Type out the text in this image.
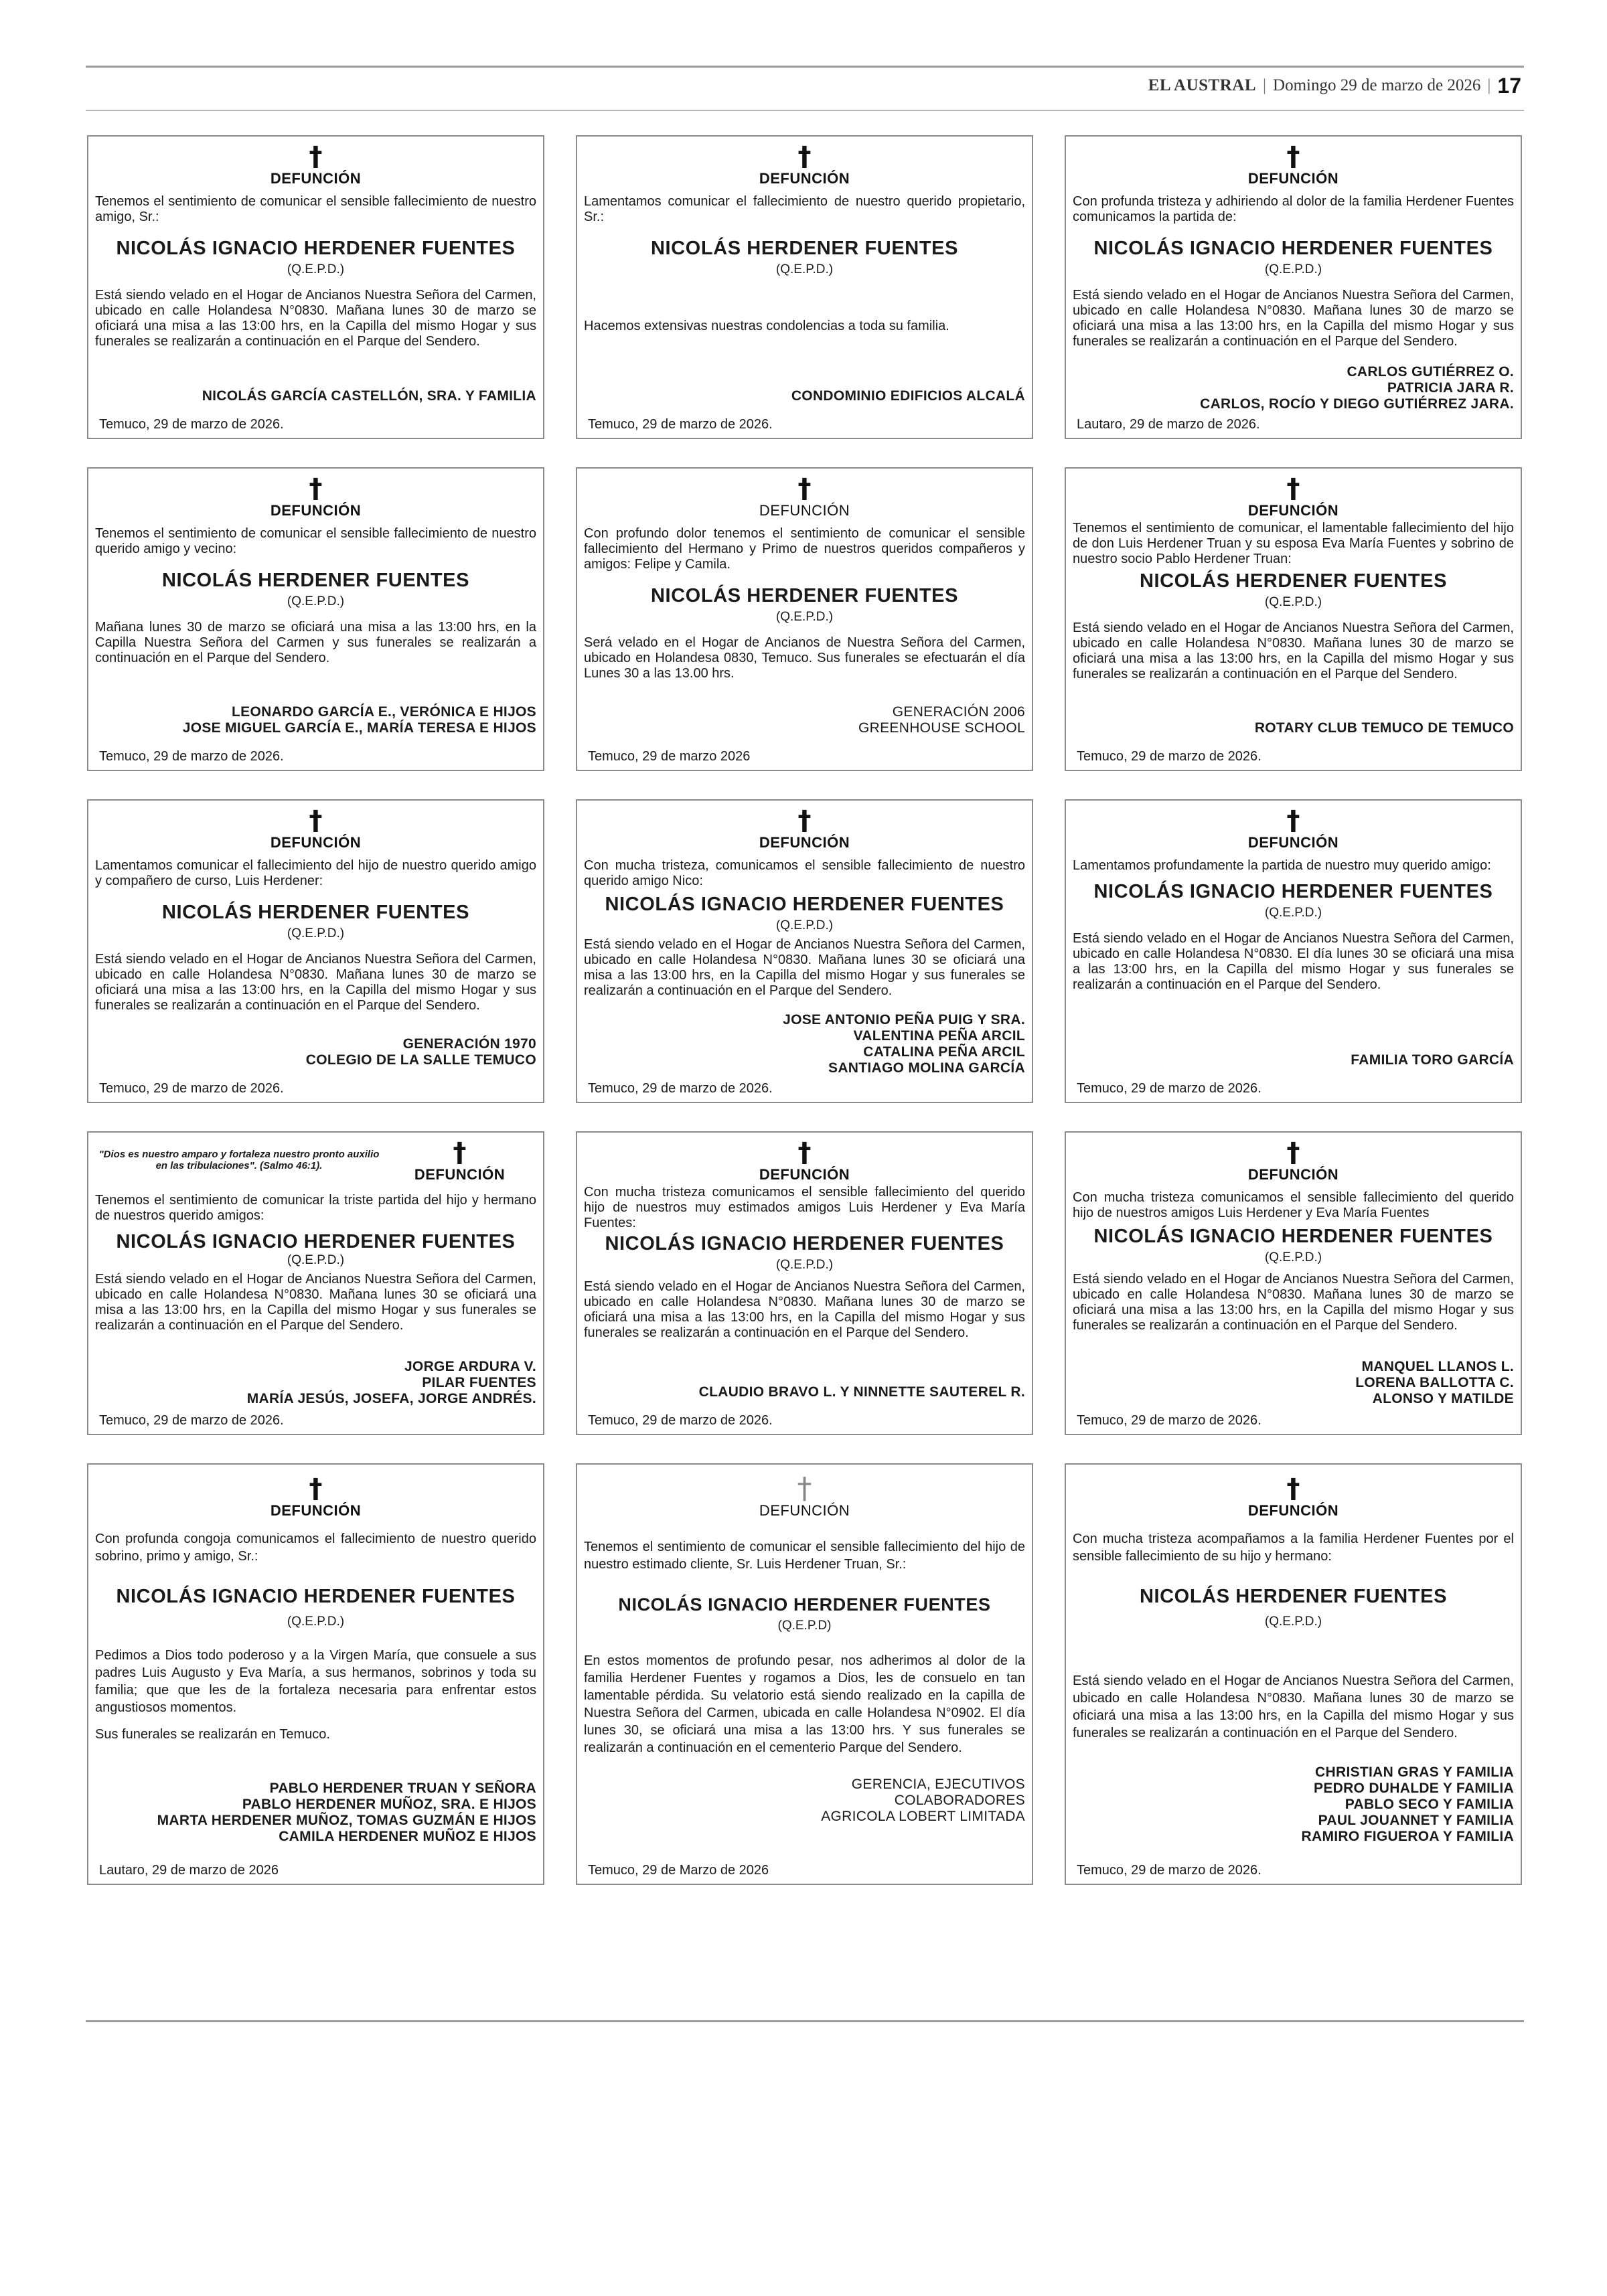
EL AUSTRAL | Domingo 29 de marzo de 2026 | 17
†
DEFUNCIÓN
Tenemos el sentimiento de comunicar el sensible fallecimiento de nuestro amigo, Sr.:
NICOLÁS IGNACIO HERDENER FUENTES
(Q.E.P.D.)
Está siendo velado en el Hogar de Ancianos Nuestra Señora del Carmen, ubicado en calle Holandesa N°0830. Mañana lunes 30 de marzo se oficiará una misa a las 13:00 hrs, en la Capilla del mismo Hogar y sus funerales se realizarán a continuación en el Parque del Sendero.
NICOLÁS GARCÍA CASTELLÓN, SRA. Y FAMILIA
Temuco, 29 de marzo de 2026.
†
DEFUNCIÓN
Lamentamos comunicar el fallecimiento de nuestro querido propietario, Sr.:
NICOLÁS HERDENER FUENTES
(Q.E.P.D.)
Hacemos extensivas nuestras condolencias a toda su familia.
CONDOMINIO EDIFICIOS ALCALÁ
Temuco, 29 de marzo de 2026.
†
DEFUNCIÓN
Con profunda tristeza y adhiriendo al dolor de la familia Herdener Fuentes comunicamos la partida de:
NICOLÁS IGNACIO HERDENER FUENTES
(Q.E.P.D.)
Está siendo velado en el Hogar de Ancianos Nuestra Señora del Carmen, ubicado en calle Holandesa N°0830. Mañana lunes 30 de marzo se oficiará una misa a las 13:00 hrs, en la Capilla del mismo Hogar y sus funerales se realizarán a continuación en el Parque del Sendero.
CARLOS GUTIÉRREZ O.
PATRICIA JARA R.
CARLOS, ROCÍO Y DIEGO GUTIÉRREZ JARA.
Lautaro, 29 de marzo de 2026.
†
DEFUNCIÓN
Tenemos el sentimiento de comunicar el sensible fallecimiento de nuestro querido amigo y vecino:
NICOLÁS HERDENER FUENTES
(Q.E.P.D.)
Mañana lunes 30 de marzo se oficiará una misa a las 13:00 hrs, en la Capilla Nuestra Señora del Carmen y sus funerales se realizarán a continuación en el Parque del Sendero.
LEONARDO GARCÍA E., VERÓNICA E HIJOS
JOSE MIGUEL GARCÍA E., MARÍA TERESA E HIJOS
Temuco, 29 de marzo de 2026.
†
DEFUNCIÓN
Con profundo dolor tenemos el sentimiento de comunicar el sensible fallecimiento del Hermano y Primo de nuestros queridos compañeros y amigos: Felipe y Camila.
NICOLÁS HERDENER FUENTES
(Q.E.P.D.)
Será velado en el Hogar de Ancianos de Nuestra Señora del Carmen, ubicado en Holandesa 0830, Temuco. Sus funerales se efectuarán el día Lunes 30 a las 13.00 hrs.
GENERACIÓN 2006
GREENHOUSE SCHOOL
Temuco, 29 de marzo 2026
†
DEFUNCIÓN
Tenemos el sentimiento de comunicar, el lamentable fallecimiento del hijo de don Luis Herdener Truan y su esposa Eva María Fuentes y sobrino de nuestro socio Pablo Herdener Truan:
NICOLÁS HERDENER FUENTES
(Q.E.P.D.)
Está siendo velado en el Hogar de Ancianos Nuestra Señora del Carmen, ubicado en calle Holandesa N°0830. Mañana lunes 30 de marzo se oficiará una misa a las 13:00 hrs, en la Capilla del mismo Hogar y sus funerales se realizarán a continuación en el Parque del Sendero.
ROTARY CLUB TEMUCO DE TEMUCO
Temuco, 29 de marzo de 2026.
†
DEFUNCIÓN
Lamentamos comunicar el fallecimiento del hijo de nuestro querido amigo y compañero de curso, Luis Herdener:
NICOLÁS HERDENER FUENTES
(Q.E.P.D.)
Está siendo velado en el Hogar de Ancianos Nuestra Señora del Carmen, ubicado en calle Holandesa N°0830. Mañana lunes 30 de marzo se oficiará una misa a las 13:00 hrs, en la Capilla del mismo Hogar y sus funerales se realizarán a continuación en el Parque del Sendero.
GENERACIÓN 1970
COLEGIO DE LA SALLE TEMUCO
Temuco, 29 de marzo de 2026.
†
DEFUNCIÓN
Con mucha tristeza, comunicamos el sensible fallecimiento de nuestro querido amigo Nico:
NICOLÁS IGNACIO HERDENER FUENTES
(Q.E.P.D.)
Está siendo velado en el Hogar de Ancianos Nuestra Señora del Carmen, ubicado en calle Holandesa N°0830. Mañana lunes 30 se oficiará una misa a las 13:00 hrs, en la Capilla del mismo Hogar y sus funerales se realizarán a continuación en el Parque del Sendero.
JOSE ANTONIO PEÑA PUIG Y SRA.
VALENTINA PEÑA ARCIL
CATALINA PEÑA ARCIL
SANTIAGO MOLINA GARCÍA
Temuco, 29 de marzo de 2026.
†
DEFUNCIÓN
Lamentamos profundamente la partida de nuestro muy querido amigo:
NICOLÁS IGNACIO HERDENER FUENTES
(Q.E.P.D.)
Está siendo velado en el Hogar de Ancianos Nuestra Señora del Carmen, ubicado en calle Holandesa N°0830. El día lunes 30 se oficiará una misa a las 13:00 hrs, en la Capilla del mismo Hogar y sus funerales se realizarán a continuación en el Parque del Sendero.
FAMILIA TORO GARCÍA
Temuco, 29 de marzo de 2026.
"Dios es nuestro amparo y fortaleza nuestro pronto auxilio en las tribulaciones". (Salmo 46:1).	†
DEFUNCIÓN
Tenemos el sentimiento de comunicar la triste partida del hijo y hermano de nuestros querido amigos:
NICOLÁS IGNACIO HERDENER FUENTES
(Q.E.P.D.)
Está siendo velado en el Hogar de Ancianos Nuestra Señora del Carmen, ubicado en calle Holandesa N°0830. Mañana lunes 30 se oficiará una misa a las 13:00 hrs, en la Capilla del mismo Hogar y sus funerales se realizarán a continuación en el Parque del Sendero.
JORGE ARDURA V.
PILAR FUENTES
MARÍA JESÚS, JOSEFA, JORGE ANDRÉS.
Temuco, 29 de marzo de 2026.
†
DEFUNCIÓN
Con mucha tristeza comunicamos el sensible fallecimiento del querido hijo de nuestros muy estimados amigos Luis Herdener y Eva María Fuentes:
NICOLÁS IGNACIO HERDENER FUENTES
(Q.E.P.D.)
Está siendo velado en el Hogar de Ancianos Nuestra Señora del Carmen, ubicado en calle Holandesa N°0830. Mañana lunes 30 de marzo se oficiará una misa a las 13:00 hrs, en la Capilla del mismo Hogar y sus funerales se realizarán a continuación en el Parque del Sendero.
CLAUDIO BRAVO L. Y NINNETTE SAUTEREL R.
Temuco, 29 de marzo de 2026.
†
DEFUNCIÓN
Con mucha tristeza comunicamos el sensible fallecimiento del querido hijo de nuestros amigos Luis Herdener y Eva María Fuentes
NICOLÁS IGNACIO HERDENER FUENTES
(Q.E.P.D.)
Está siendo velado en el Hogar de Ancianos Nuestra Señora del Carmen, ubicado en calle Holandesa N°0830. Mañana lunes 30 de marzo se oficiará una misa a las 13:00 hrs, en la Capilla del mismo Hogar y sus funerales se realizarán a continuación en el Parque del Sendero.
MANQUEL LLANOS L.
LORENA BALLOTTA C.
ALONSO Y MATILDE
Temuco, 29 de marzo de 2026.
†
DEFUNCIÓN
Con profunda congoja comunicamos el fallecimiento de nuestro querido sobrino, primo y amigo, Sr.:
NICOLÁS IGNACIO HERDENER FUENTES
(Q.E.P.D.)
Pedimos a Dios todo poderoso y a la Virgen María, que consuele a sus padres Luis Augusto y Eva María, a sus hermanos, sobrinos y toda su familia; que que les de la fortaleza necesaria para enfrentar estos angustiosos momentos.
Sus funerales se realizarán en Temuco.
PABLO HERDENER TRUAN Y SEÑORA
PABLO HERDENER MUÑOZ, SRA. E HIJOS
MARTA HERDENER MUÑOZ, TOMAS GUZMÁN E HIJOS
CAMILA HERDENER MUÑOZ E HIJOS
Lautaro, 29 de marzo de 2026
†
DEFUNCIÓN
Tenemos el sentimiento de comunicar el sensible fallecimiento del hijo de nuestro estimado cliente, Sr. Luis Herdener Truan, Sr.:
NICOLÁS IGNACIO HERDENER FUENTES
(Q.E.P.D)
En estos momentos de profundo pesar, nos adherimos al dolor de la familia Herdener Fuentes y rogamos a Dios, les de consuelo en tan lamentable pérdida. Su velatorio está siendo realizado en la capilla de Nuestra Señora del Carmen, ubicada en calle Holandesa N°0902. El día lunes 30, se oficiará una misa a las 13:00 hrs. Y sus funerales se realizarán a continuación en el cementerio Parque del Sendero.
GERENCIA, EJECUTIVOS
COLABORADORES
AGRICOLA LOBERT LIMITADA
Temuco, 29 de Marzo de 2026
†
DEFUNCIÓN
Con mucha tristeza acompañamos a la familia Herdener Fuentes por el sensible fallecimiento de su hijo y hermano:
NICOLÁS HERDENER FUENTES
(Q.E.P.D.)
Está siendo velado en el Hogar de Ancianos Nuestra Señora del Carmen, ubicado en calle Holandesa N°0830. Mañana lunes 30 de marzo se oficiará una misa a las 13:00 hrs, en la Capilla del mismo Hogar y sus funerales se realizarán a continuación en el Parque del Sendero.
CHRISTIAN GRAS Y FAMILIA
PEDRO DUHALDE Y FAMILIA
PABLO SECO Y FAMILIA
PAUL JOUANNET Y FAMILIA
RAMIRO FIGUEROA Y FAMILIA
Temuco, 29 de marzo de 2026.
